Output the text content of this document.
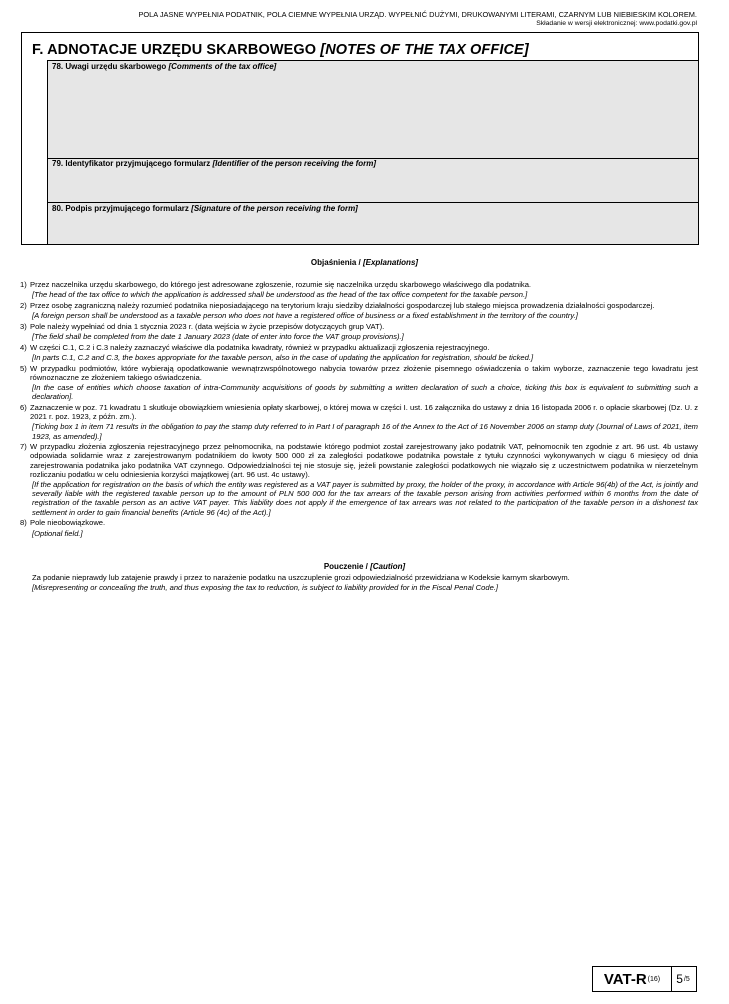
POLA JASNE WYPEŁNIA PODATNIK, POLA CIEMNE WYPEŁNIA URZĄD. WYPEŁNIĆ DUŻYMI, DRUKOWANYMI LITERAMI, CZARNYM LUB NIEBIESKIM KOLOREM.
Składanie w wersji elektronicznej: www.podatki.gov.pl
F. ADNOTACJE URZĘDU SKARBOWEGO [NOTES OF THE TAX OFFICE]
78. Uwagi urzędu skarbowego [Comments of the tax office]
79. Identyfikator przyjmującego formularz [Identifier of the person receiving the form]
80. Podpis przyjmującego formularz [Signature of the person receiving the form]
Objaśnienia / [Explanations]
1) Przez naczelnika urzędu skarbowego, do którego jest adresowane zgłoszenie, rozumie się naczelnika urzędu skarbowego właściwego dla podatnika.
[The head of the tax office to which the application is addressed shall be understood as the head of the tax office competent for the taxable person.]
2) Przez osobę zagraniczną należy rozumieć podatnika nieposiadającego na terytorium kraju siedziby działalności gospodarczej lub stałego miejsca prowadzenia działalności gospodarczej.
[A foreign person shall be understood as a taxable person who does not have a registered office of business or a fixed establishment in the territory of the country.]
3) Pole należy wypełniać od dnia 1 stycznia 2023 r. (data wejścia w życie przepisów dotyczących grup VAT).
[The field shall be completed from the date 1 January 2023 (date of enter into force the VAT group provisions).]
4) W części C.1, C.2 i C.3 należy zaznaczyć właściwe dla podatnika kwadraty, również w przypadku aktualizacji zgłoszenia rejestracyjnego.
[In parts C.1, C.2 and C.3, the boxes appropriate for the taxable person, also in the case of updating the application for registration, should be ticked.]
5) W przypadku podmiotów, które wybierają opodatkowanie wewnątrzwspólnotowego nabycia towarów przez złożenie pisemnego oświadczenia o takim wyborze, zaznaczenie tego kwadratu jest równoznaczne ze złożeniem takiego oświadczenia.
[In the case of entities which choose taxation of intra-Community acquisitions of goods by submitting a written declaration of such a choice, ticking this box is equivalent to submitting such a declaration].
6) Zaznaczenie w poz. 71 kwadratu 1 skutkuje obowiązkiem wniesienia opłaty skarbowej, o której mowa w części I. ust. 16 załącznika do ustawy z dnia 16 listopada 2006 r. o opłacie skarbowej (Dz. U. z 2021 r. poz. 1923, z późn. zm.).
[Ticking box 1 in item 71 results in the obligation to pay the stamp duty referred to in Part I of paragraph 16 of the Annex to the Act of 16 November 2006 on stamp duty (Journal of Laws of 2021, item 1923, as amended).]
7) W przypadku złożenia zgłoszenia rejestracyjnego przez pełnomocnika, na podstawie którego podmiot został zarejestrowany jako podatnik VAT, pełnomocnik ten zgodnie z art. 96 ust. 4b ustawy odpowiada solidarnie wraz z zarejestrowanym podatnikiem do kwoty 500 000 zł za zaległości podatkowe podatnika powstałe z tytułu czynności wykonywanych w ciągu 6 miesięcy od dnia zarejestrowania podatnika jako podatnika VAT czynnego. Odpowiedzialności tej nie stosuje się, jeżeli powstanie zaległości podatkowych nie wiązało się z uczestnictwem podatnika w nierzetelnym rozliczaniu podatku w celu odniesienia korzyści majątkowej (art. 96 ust. 4c ustawy).
[If the application for registration on the basis of which the entity was registered as a VAT payer is submitted by proxy, the holder of the proxy, in accordance with Article 96(4b) of the Act, is jointly and severally liable with the registered taxable person up to the amount of PLN 500 000 for the tax arrears of the taxable person arising from activities performed within 6 months from the date of registration of the taxable person as an active VAT payer. This liability does not apply if the emergence of tax arrears was not related to the participation of the taxable person in a dishonest tax settlement in order to gain financial benefits (Article 96 (4c) of the Act).]
8) Pole nieobowiązkowe.
[Optional field.]
Pouczenie / [Caution]
Za podanie nieprawdy lub zatajenie prawdy i przez to narażenie podatku na uszczuplenie grozi odpowiedzialność przewidziana w Kodeksie karnym skarbowym.
[Misrepresenting or concealing the truth, and thus exposing the tax to reduction, is subject to liability provided for in the Fiscal Penal Code.]
VAT-R (16) 5 /5
